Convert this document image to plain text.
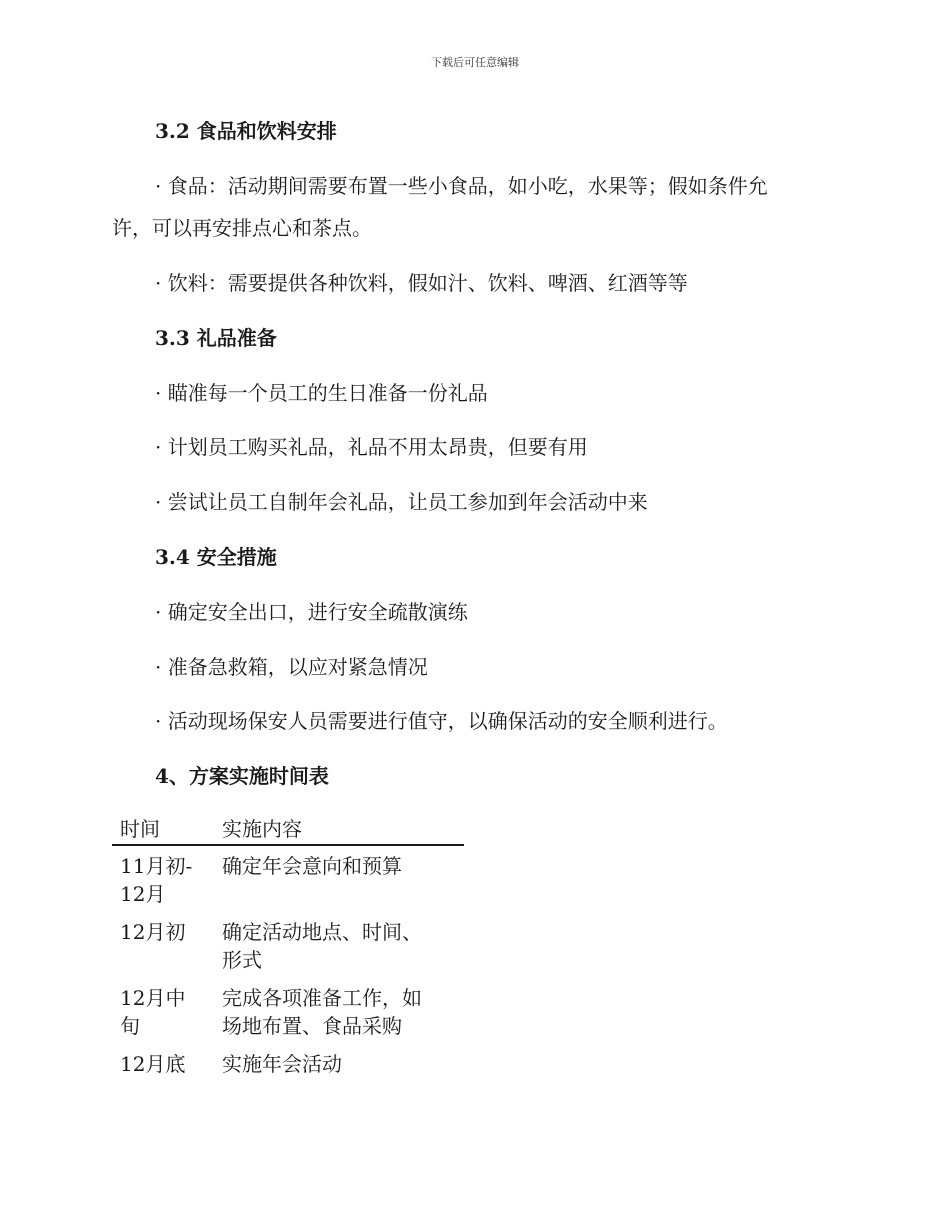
下载后可任意编辑
3.2 食品和饮料安排
· 食品：活动期间需要布置一些小食品，如小吃，水果等；假如条件允
许，可以再安排点心和茶点。
· 饮料：需要提供各种饮料，假如汁、饮料、啤酒、红酒等等
3.3 礼品准备
· 瞄准每一个员工的生日准备一份礼品
· 计划员工购买礼品，礼品不用太昂贵，但要有用
· 尝试让员工自制年会礼品，让员工参加到年会活动中来
3.4 安全措施
· 确定安全出口，进行安全疏散演练
· 准备急救箱，以应对紧急情况
· 活动现场保安人员需要进行值守，以确保活动的安全顺利进行。
4、方案实施时间表
时间	实施内容
11月初-
12月	确定年会意向和预算
12月初	确定活动地点、时间、
形式
12月中
旬	完成各项准备工作，如
场地布置、食品采购
12月底	实施年会活动
